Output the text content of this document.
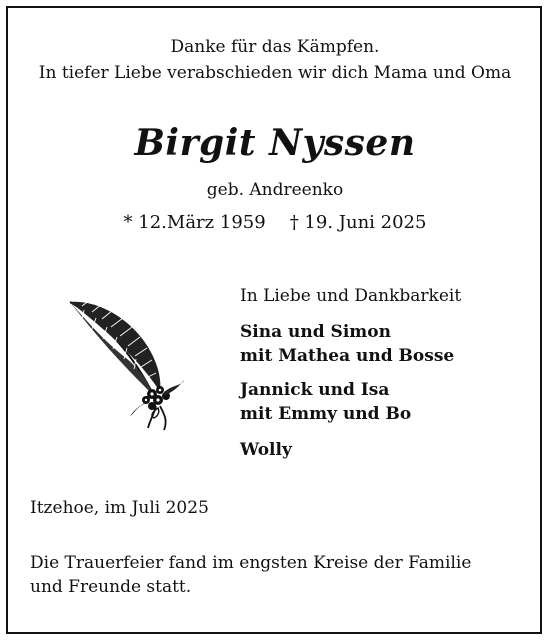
Danke für das Kämpfen.
In tiefer Liebe verabschieden wir dich Mama und Oma
Birgit Nyssen
geb. Andreenko
* 12.März 1959 † 19. Juni 2025
In Liebe und Dankbarkeit
Sina und Simon
mit Mathea und Bosse
Jannick und Isa
mit Emmy und Bo
Wolly
Itzehoe, im Juli 2025
Die Trauerfeier fand im engsten Kreise der Familie
und Freunde statt.
